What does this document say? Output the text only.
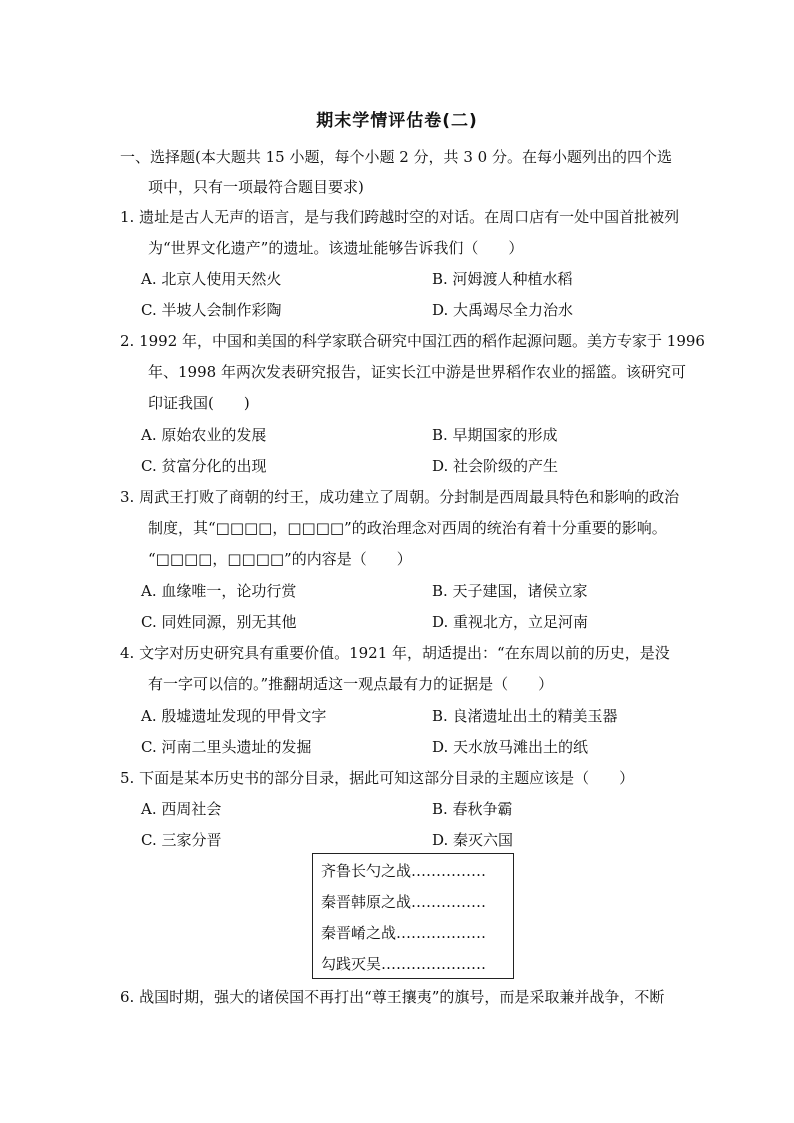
期末学情评估卷(二)
一、选择题(本大题共 15 小题，每个小题 2 分，共 3 0 分。在每小题列出的四个选
项中，只有一项最符合题目要求)
1. 遗址是古人无声的语言，是与我们跨越时空的对话。在周口店有一处中国首批被列
为“世界文化遗产”的遗址。该遗址能够告诉我们（　　）
A. 北京人使用天然火	B. 河姆渡人种植水稻
C. 半坡人会制作彩陶	D. 大禹竭尽全力治水
2. 1992 年，中国和美国的科学家联合研究中国江西的稻作起源问题。美方专家于 1996
年、1998 年两次发表研究报告，证实长江中游是世界稻作农业的摇篮。该研究可
印证我国(　　)
A. 原始农业的发展	B. 早期国家的形成
C. 贫富分化的出现	D. 社会阶级的产生
3. 周武王打败了商朝的纣王，成功建立了周朝。分封制是西周最具特色和影响的政治
制度，其“□□□□，□□□□”的政治理念对西周的统治有着十分重要的影响。
“□□□□，□□□□”的内容是（　　）
A. 血缘唯一，论功行赏	B. 天子建国，诸侯立家
C. 同姓同源，别无其他	D. 重视北方，立足河南
4. 文字对历史研究具有重要价值。1921 年，胡适提出：“在东周以前的历史，是没
有一字可以信的。”推翻胡适这一观点最有力的证据是（　　）
A. 殷墟遗址发现的甲骨文字	B. 良渚遗址出土的精美玉器
C. 河南二里头遗址的发掘	D. 天水放马滩出土的纸
5. 下面是某本历史书的部分目录，据此可知这部分目录的主题应该是（　　）
A. 西周社会	B. 春秋争霸
C. 三家分晋	D. 秦灭六国
齐鲁长勺之战……………
秦晋韩原之战……………
秦晋崤之战………………
勾践灭吴…………………
6. 战国时期，强大的诸侯国不再打出“尊王攘夷”的旗号，而是采取兼并战争，不断
